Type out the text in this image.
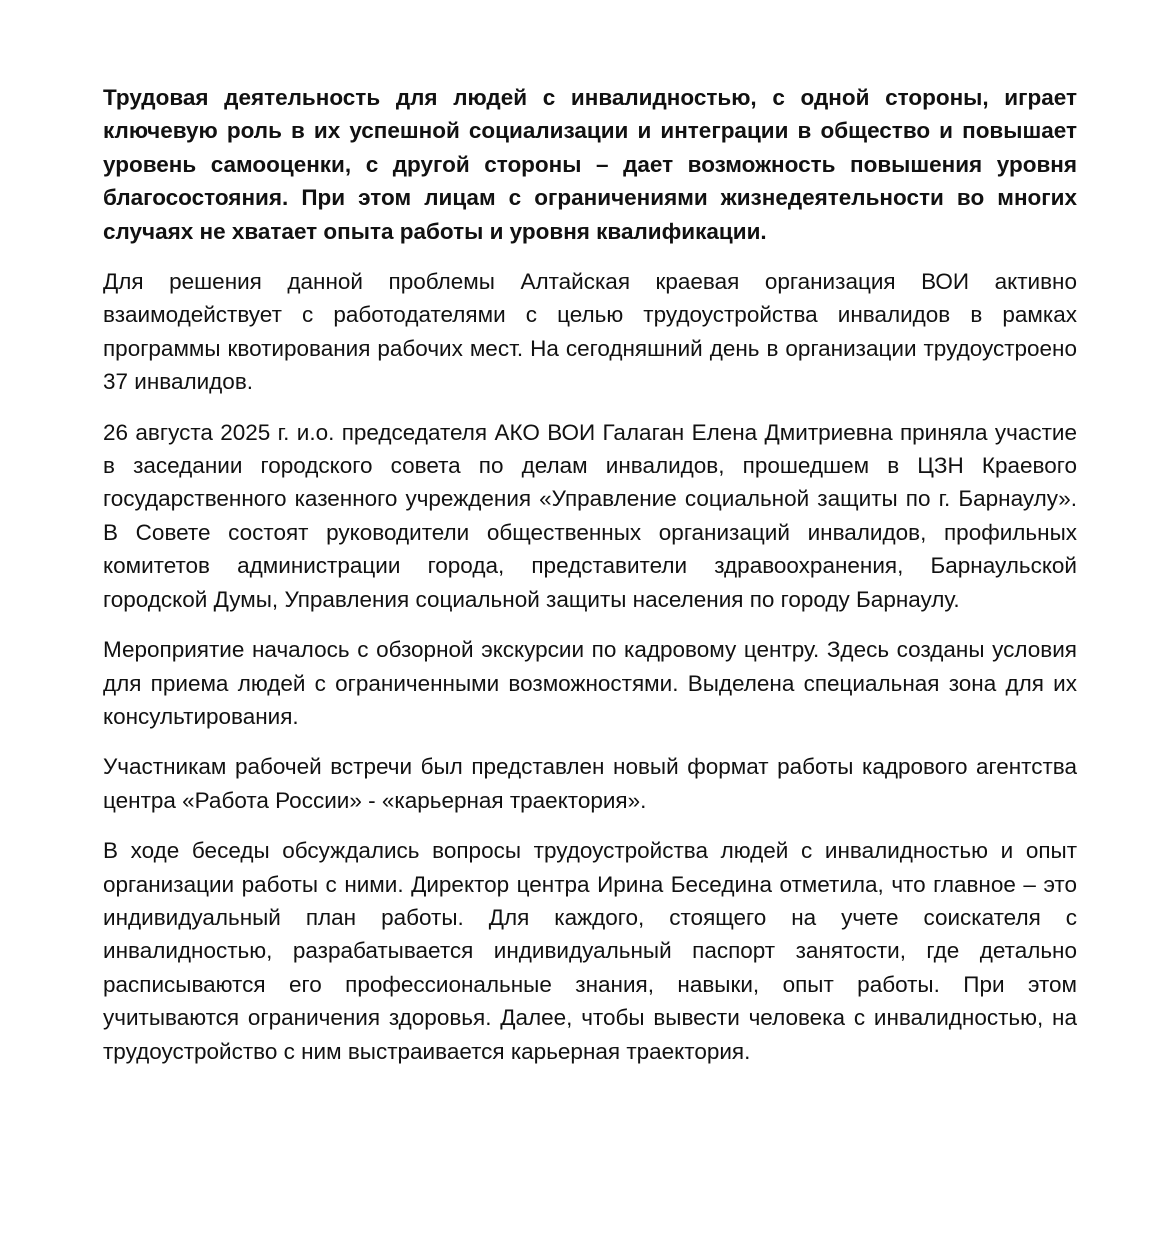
Трудовая деятельность для людей с инвалидностью, с одной стороны, играет ключевую роль в их успешной социализации и интеграции в общество и повышает уровень самооценки, с другой стороны – дает возможность повышения уровня благосостояния. При этом лицам с ограничениями жизнедеятельности во многих случаях не хватает опыта работы и уровня квалификации.

Для решения данной проблемы Алтайская краевая организация ВОИ активно взаимодействует с работодателями с целью трудоустройства инвалидов в рамках программы квотирования рабочих мест. На сегодняшний день в организации трудоустроено 37 инвалидов.

26 августа 2025 г. и.о. председателя АКО ВОИ Галаган Елена Дмитриевна приняла участие в заседании городского совета по делам инвалидов, прошедшем в ЦЗН Краевого государственного казенного учреждения «Управление социальной защиты по г. Барнаулу». В Совете состоят руководители общественных организаций инвалидов, профильных комитетов администрации города, представители здравоохранения, Барнаульской городской Думы, Управления социальной защиты населения по городу Барнаулу.

Мероприятие началось с обзорной экскурсии по кадровому центру. Здесь созданы условия для приема людей с ограниченными возможностями. Выделена специальная зона для их консультирования.

Участникам рабочей встречи был представлен новый формат работы кадрового агентства центра «Работа России» - «карьерная траектория».

В ходе беседы обсуждались вопросы трудоустройства людей с инвалидностью и опыт организации работы с ними. Директор центра Ирина Беседина отметила, что главное – это индивидуальный план работы. Для каждого, стоящего на учете соискателя с инвалидностью, разрабатывается индивидуальный паспорт занятости, где детально расписываются его профессиональные знания, навыки, опыт работы. При этом учитываются ограничения здоровья. Далее, чтобы вывести человека с инвалидностью, на трудоустройство с ним выстраивается карьерная траектория.
